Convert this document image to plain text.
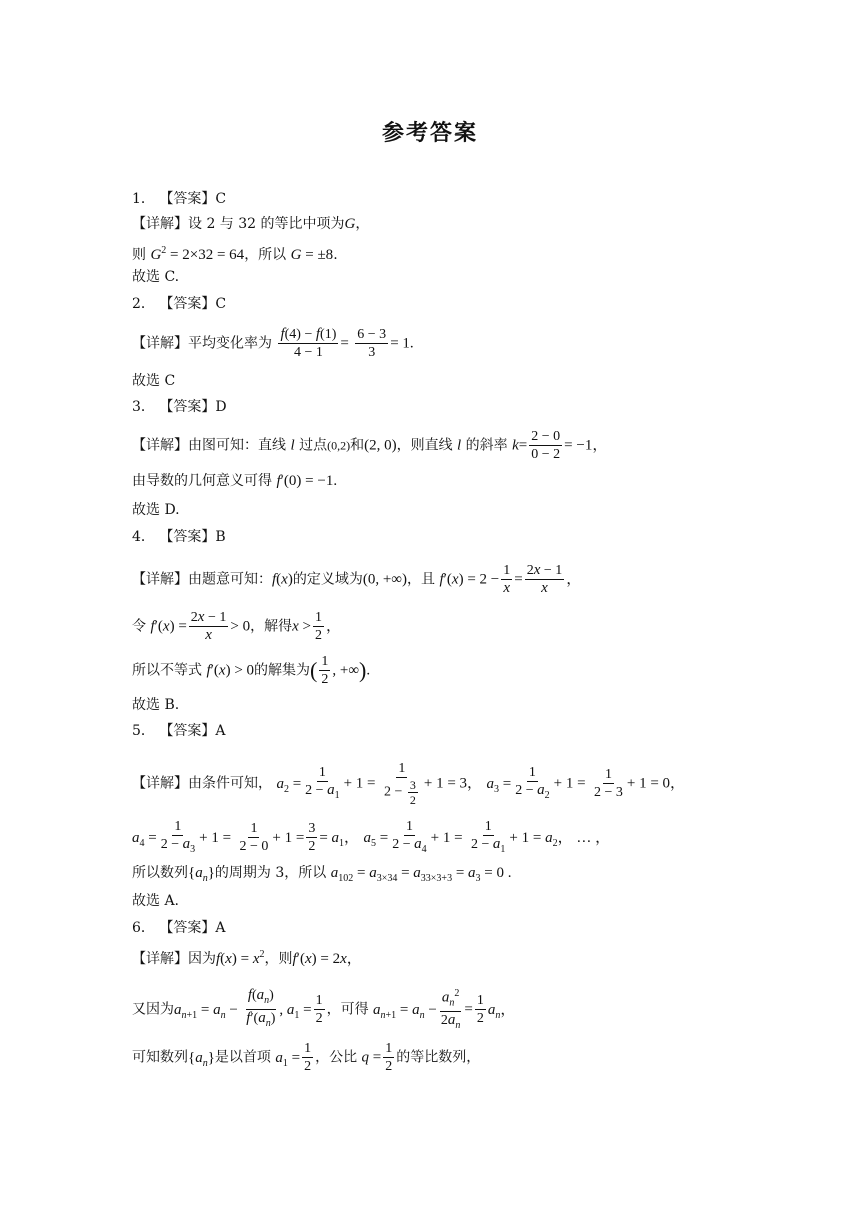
参考答案
1． 【答案】C
【详解】设 2 与 32 的等比中项为G，
则 $G^2 = 2\times 32 = 64$，所以 G = ±8.
故选 C.
2． 【答案】C
【详解】平均变化率为 $\frac{f(4) - f(1)}{4 - 1} = \frac{6 - 3}{3} = 1$.
故选 C
3． 【答案】D
【详解】由图可知：直线 l 过点(0,2)和(2, 0)，则直线 l 的斜率 $k= \frac{2 - 0}{0 - 2} = -1$，
由导数的几何意义可得 f′(0) = −1.
故选 D.
4． 【答案】B
【详解】由题意可知：f(x)的定义域为(0, +∞)，且 $f'(x) = 2 - \frac{1}{x} = \frac{2x - 1}{x}$ ，
令 $f'(x) = \frac{2x - 1}{x} > 0$，解得$x > \frac{1}{2}$ ，
所以不等式 f′(x) > 0的解集为( $\frac{1}{2}$ , +∞).
故选 B.
5． 【答案】A
【详解】由条件可知， $a_2 = \frac{1}{2 - a_1} + 1 = \frac{1}{2 - \frac{3}{2}} + 1 = 3$， $a_3 = \frac{1}{2 - a_2} + 1 = \frac{1}{2 - 3} + 1 = 0$，
$a_4 = \frac{1}{2 - a_3} + 1 = \frac{1}{2 - 0} + 1 = \frac{3}{2} = a_1$， $a_5 = \frac{1}{2 - a_4} + 1 = \frac{1}{2 - a_1} + 1 = a_2$， … ，
所以数列$\{a_n\}$的周期为 3，所以 $a_{102} = a_{3\times 34} = a_{33\times 3+3} = a_3 = 0$ .
故选 A.
6． 【答案】A
【详解】因为$f(x) = x^2$，则f′(x) = 2x，
又因为$a_{n+1} = a_n - \frac{f(a_n)}{f'(a_n)}$ , $a_1 = \frac{1}{2}$ ，可得 $a_{n+1} = a_n - \frac{a_n^2}{2a_n} = \frac{1}{2} a_n$，
可知数列$\{a_n\}$是以首项 $a_1 = \frac{1}{2}$ ，公比 $q = \frac{1}{2}$ 的等比数列，
